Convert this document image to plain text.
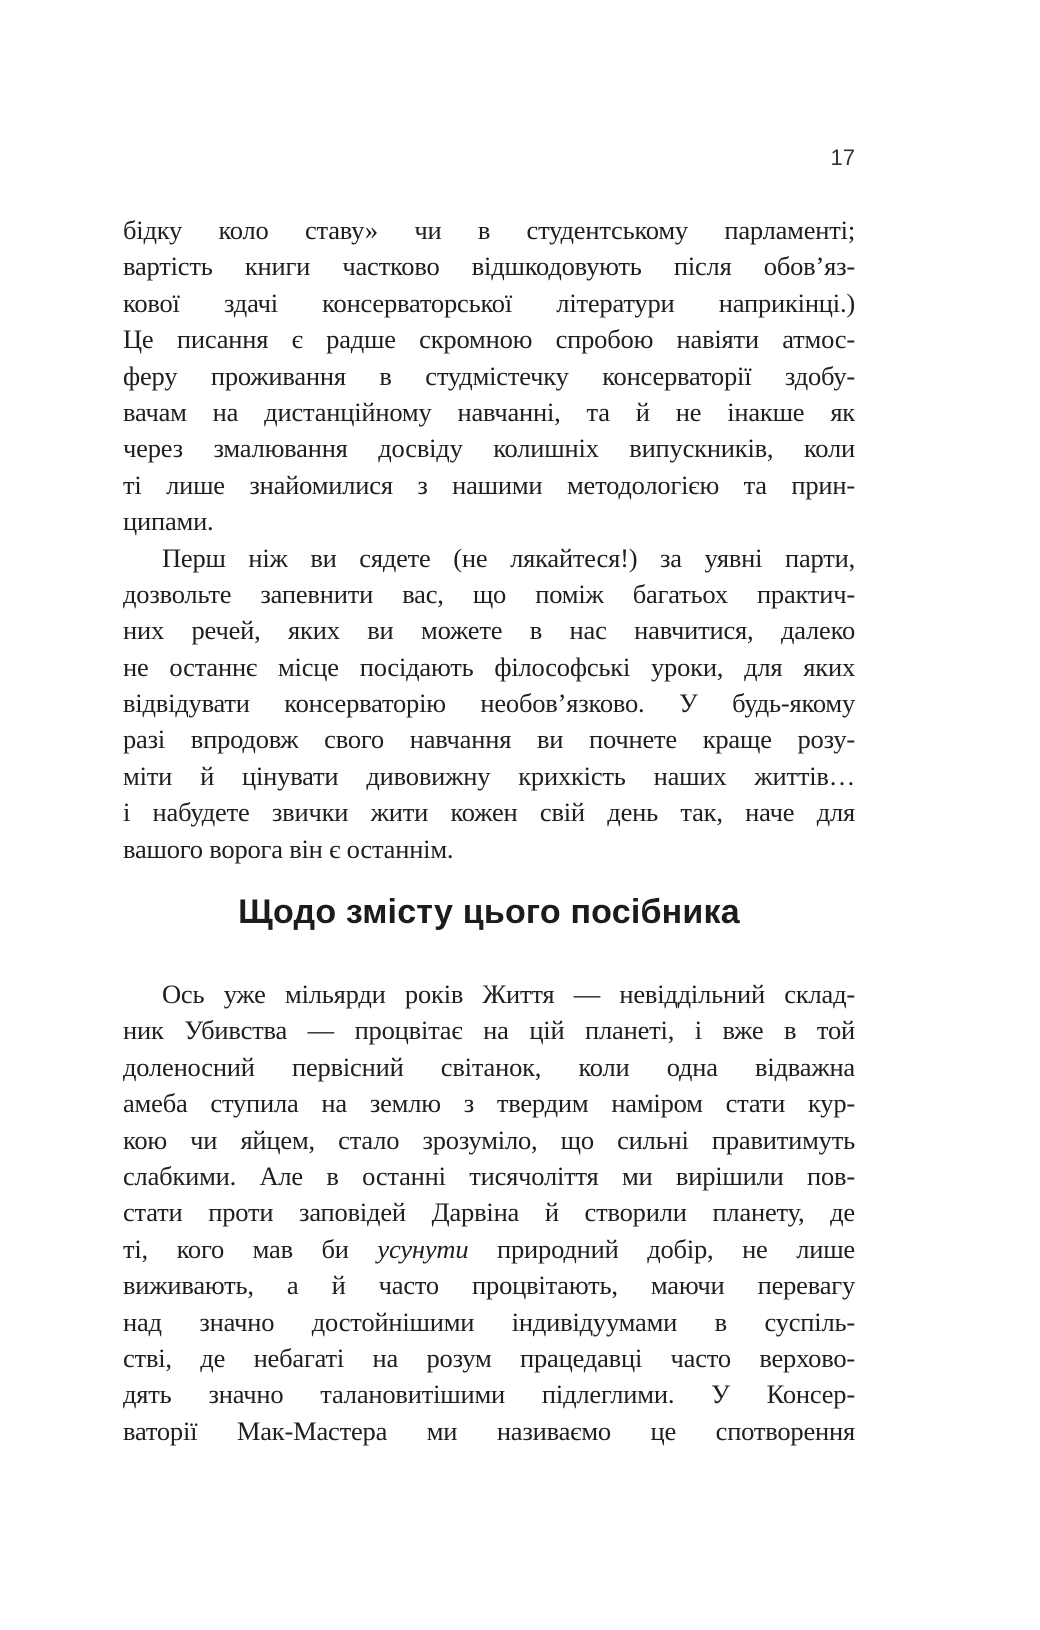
17
бідку коло ставу» чи в студентському парламенті;
вартість книги частково відшкодовують після обов’яз-
кової здачі консерваторської літератури наприкінці.)
Це писання є радше скромною спробою навіяти атмос-
феру проживання в студмістечку консерваторії здобу-
вачам на дистанційному навчанні, та й не інакше як
через змалювання досвіду колишніх випускників, коли
ті лише знайомилися з нашими методологією та прин-
ципами.
Перш ніж ви сядете (не лякайтеся!) за уявні парти,
дозвольте запевнити вас, що поміж багатьох практич-
них речей, яких ви можете в нас навчитися, далеко
не останнє місце посідають філософські уроки, для яких
відвідувати консерваторію необов’язково. У будь-якому
разі впродовж свого навчання ви почнете краще розу-
міти й цінувати дивовижну крихкість наших життів…
і набудете звички жити кожен свій день так, наче для
вашого ворога він є останнім.
Щодо змісту цього посібника
Ось уже мільярди років Життя — невіддільний склад-
ник Убивства — процвітає на цій планеті, і вже в той
доленосний первісний світанок, коли одна відважна
амеба ступила на землю з твердим наміром стати кур-
кою чи яйцем, стало зрозуміло, що сильні правитимуть
слабкими. Але в останні тисячоліття ми вирішили пов-
стати проти заповідей Дарвіна й створили планету, де
ті, кого мав би усунути природний добір, не лише
виживають, а й часто процвітають, маючи перевагу
над значно достойнішими індивідуумами в суспіль-
стві, де небагаті на розум працедавці часто верхово-
дять значно талановитішими підлеглими. У Консер-
ваторії Мак-Мастера ми називаємо це спотворення
